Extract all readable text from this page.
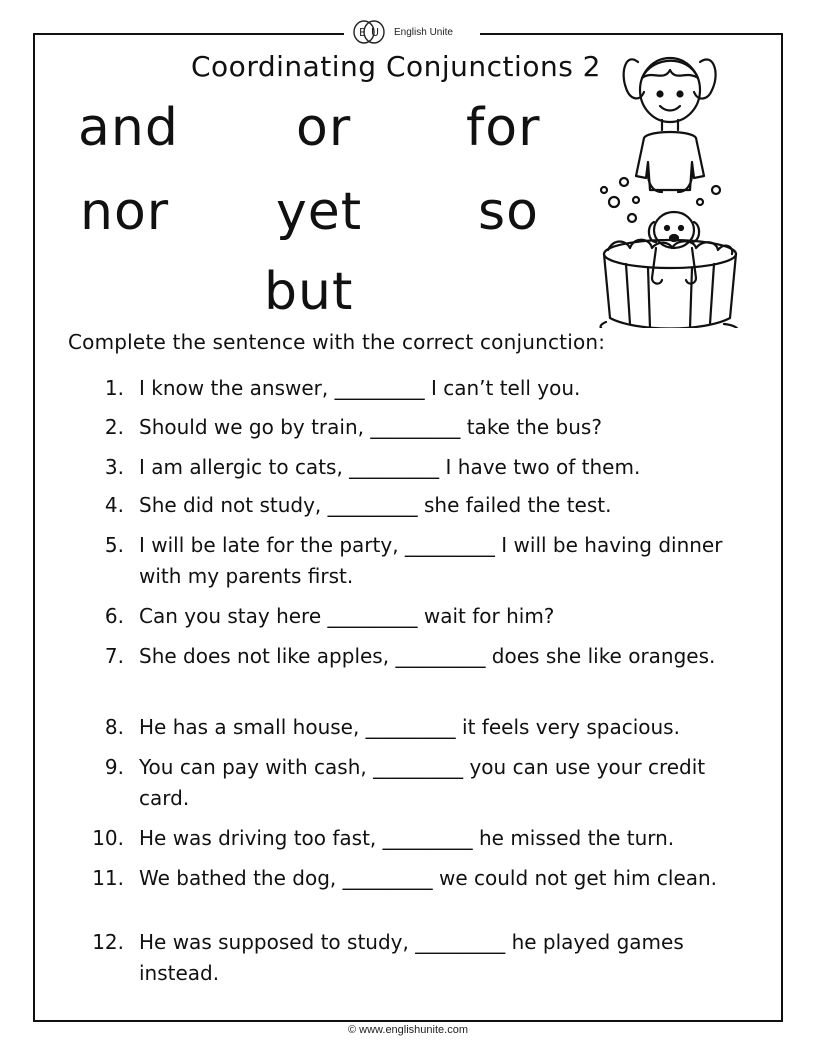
E U English Unite
Coordinating Conjunctions 2
and or for
nor yet so
but
Complete the sentence with the correct conjunction:
1. I know the answer, _________ I can’t tell you.
2. Should we go by train, _________ take the bus?
3. I am allergic to cats, _________ I have two of them.
4. She did not study, _________ she failed the test.
5. I will be late for the party, _________ I will be having dinner with my parents first.
6. Can you stay here _________ wait for him?
7. She does not like apples, _________ does she like oranges.
8. He has a small house, _________ it feels very spacious.
9. You can pay with cash, _________ you can use your credit card.
10. He was driving too fast, _________ he missed the turn.
11. We bathed the dog, _________ we could not get him clean.
12. He was supposed to study, _________ he played games instead.
© www.englishunite.com
